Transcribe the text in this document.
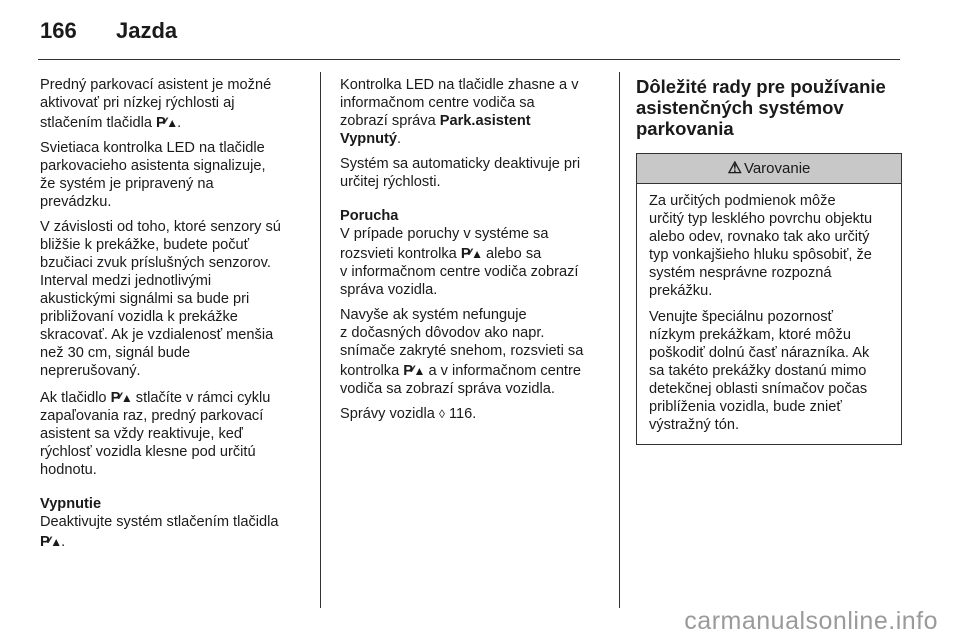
166	Jazda

Predný parkovací asistent je možné
aktivovať pri nízkej rýchlosti aj
stlačením tlačidla P⁄⁄⁄▲.

Svietiaca kontrolka LED na tlačidle
parkovacieho asistenta signalizuje,
že systém je pripravený na
prevádzku.

V závislosti od toho, ktoré senzory sú
bližšie k prekážke, budete počuť
bzučiaci zvuk príslušných senzorov.
Interval medzi jednotlivými
akustickými signálmi sa bude pri
približovaní vozidla k prekážke
skracovať. Ak je vzdialenosť menšia
než 30 cm, signál bude
neprerušovaný.

Ak tlačidlo P⁄⁄⁄▲ stlačíte v rámci cyklu
zapaľovania raz, predný parkovací
asistent sa vždy reaktivuje, keď
rýchlosť vozidla klesne pod určitú
hodnotu.

Vypnutie
Deaktivujte systém stlačením tlačidla
P⁄⁄⁄▲.

Kontrolka LED na tlačidle zhasne a v
informačnom centre vodiča sa
zobrazí správa Park.asistent
Vypnutý.

Systém sa automaticky deaktivuje pri
určitej rýchlosti.

Porucha
V prípade poruchy v systéme sa
rozsvieti kontrolka P⁄⁄⁄▲ alebo sa
v informačnom centre vodiča zobrazí
správa vozidla.

Navyše ak systém nefunguje
z dočasných dôvodov ako napr.
snímače zakryté snehom, rozsvieti sa
kontrolka P⁄⁄⁄▲ a v informačnom centre
vodiča sa zobrazí správa vozidla.

Správy vozidla ◊ 116.

Dôležité rady pre používanie
asistenčných systémov
parkovania
⚠ Varovanie

Za určitých podmienok môže
určitý typ lesklého povrchu objektu
alebo odev, rovnako tak ako určitý
typ vonkajšieho hluku spôsobiť, že
systém nesprávne rozpozná
prekážku.

Venujte špeciálnu pozornosť
nízkym prekážkam, ktoré môžu
poškodiť dolnú časť nárazníka. Ak
sa takéto prekážky dostanú mimo
detekčnej oblasti snímačov počas
priblíženia vozidla, bude znieť
výstražný tón.

carmanualsonline.info
